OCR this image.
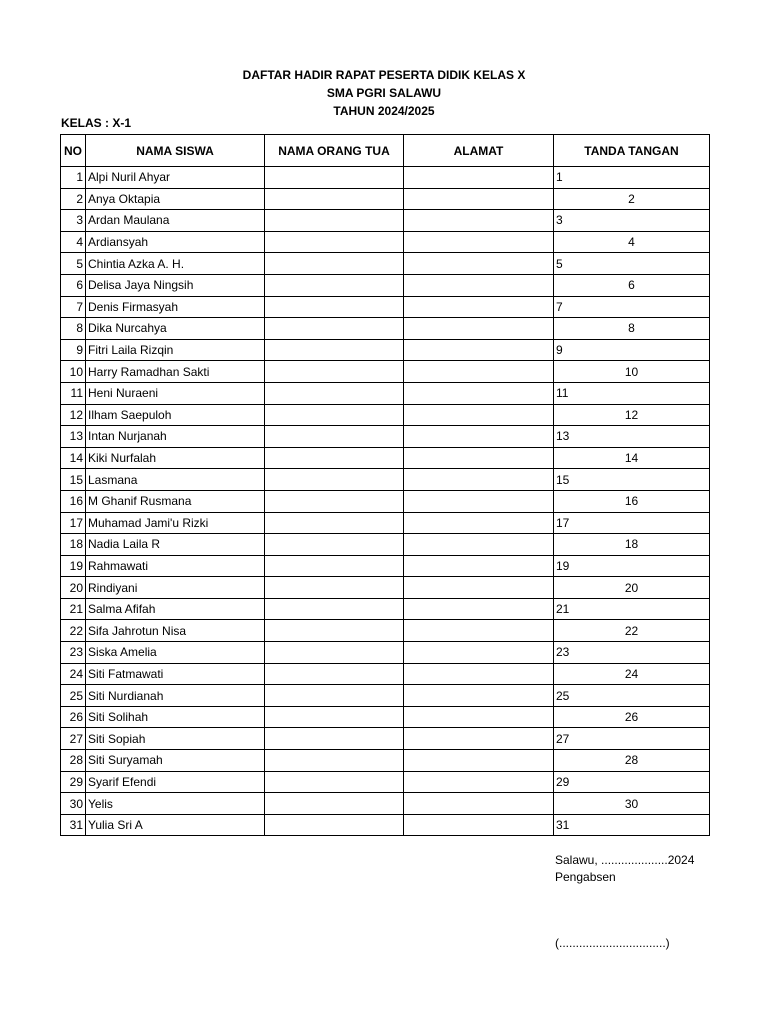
DAFTAR HADIR RAPAT PESERTA DIDIK KELAS X
SMA PGRI SALAWU
TAHUN 2024/2025
KELAS : X-1
NO	NAMA SISWA	NAMA ORANG TUA	ALAMAT	TANDA TANGAN
1	Alpi Nuril Ahyar			1
2	Anya Oktapia			2
3	Ardan Maulana			3
4	Ardiansyah			4
5	Chintia Azka A. H.			5
6	Delisa Jaya Ningsih			6
7	Denis Firmasyah			7
8	Dika Nurcahya			8
9	Fitri Laila Rizqin			9
10	Harry Ramadhan Sakti			10
11	Heni Nuraeni			11
12	Ilham Saepuloh			12
13	Intan Nurjanah			13
14	Kiki Nurfalah			14
15	Lasmana			15
16	M Ghanif Rusmana			16
17	Muhamad Jami'u Rizki			17
18	Nadia Laila R			18
19	Rahmawati			19
20	Rindiyani			20
21	Salma Afifah			21
22	Sifa Jahrotun Nisa			22
23	Siska Amelia			23
24	Siti Fatmawati			24
25	Siti Nurdianah			25
26	Siti Solihah			26
27	Siti Sopiah			27
28	Siti Suryamah			28
29	Syarif Efendi			29
30	Yelis			30
31	Yulia Sri A			31
Salawu, ....................2024
Pengabsen
(................................)
